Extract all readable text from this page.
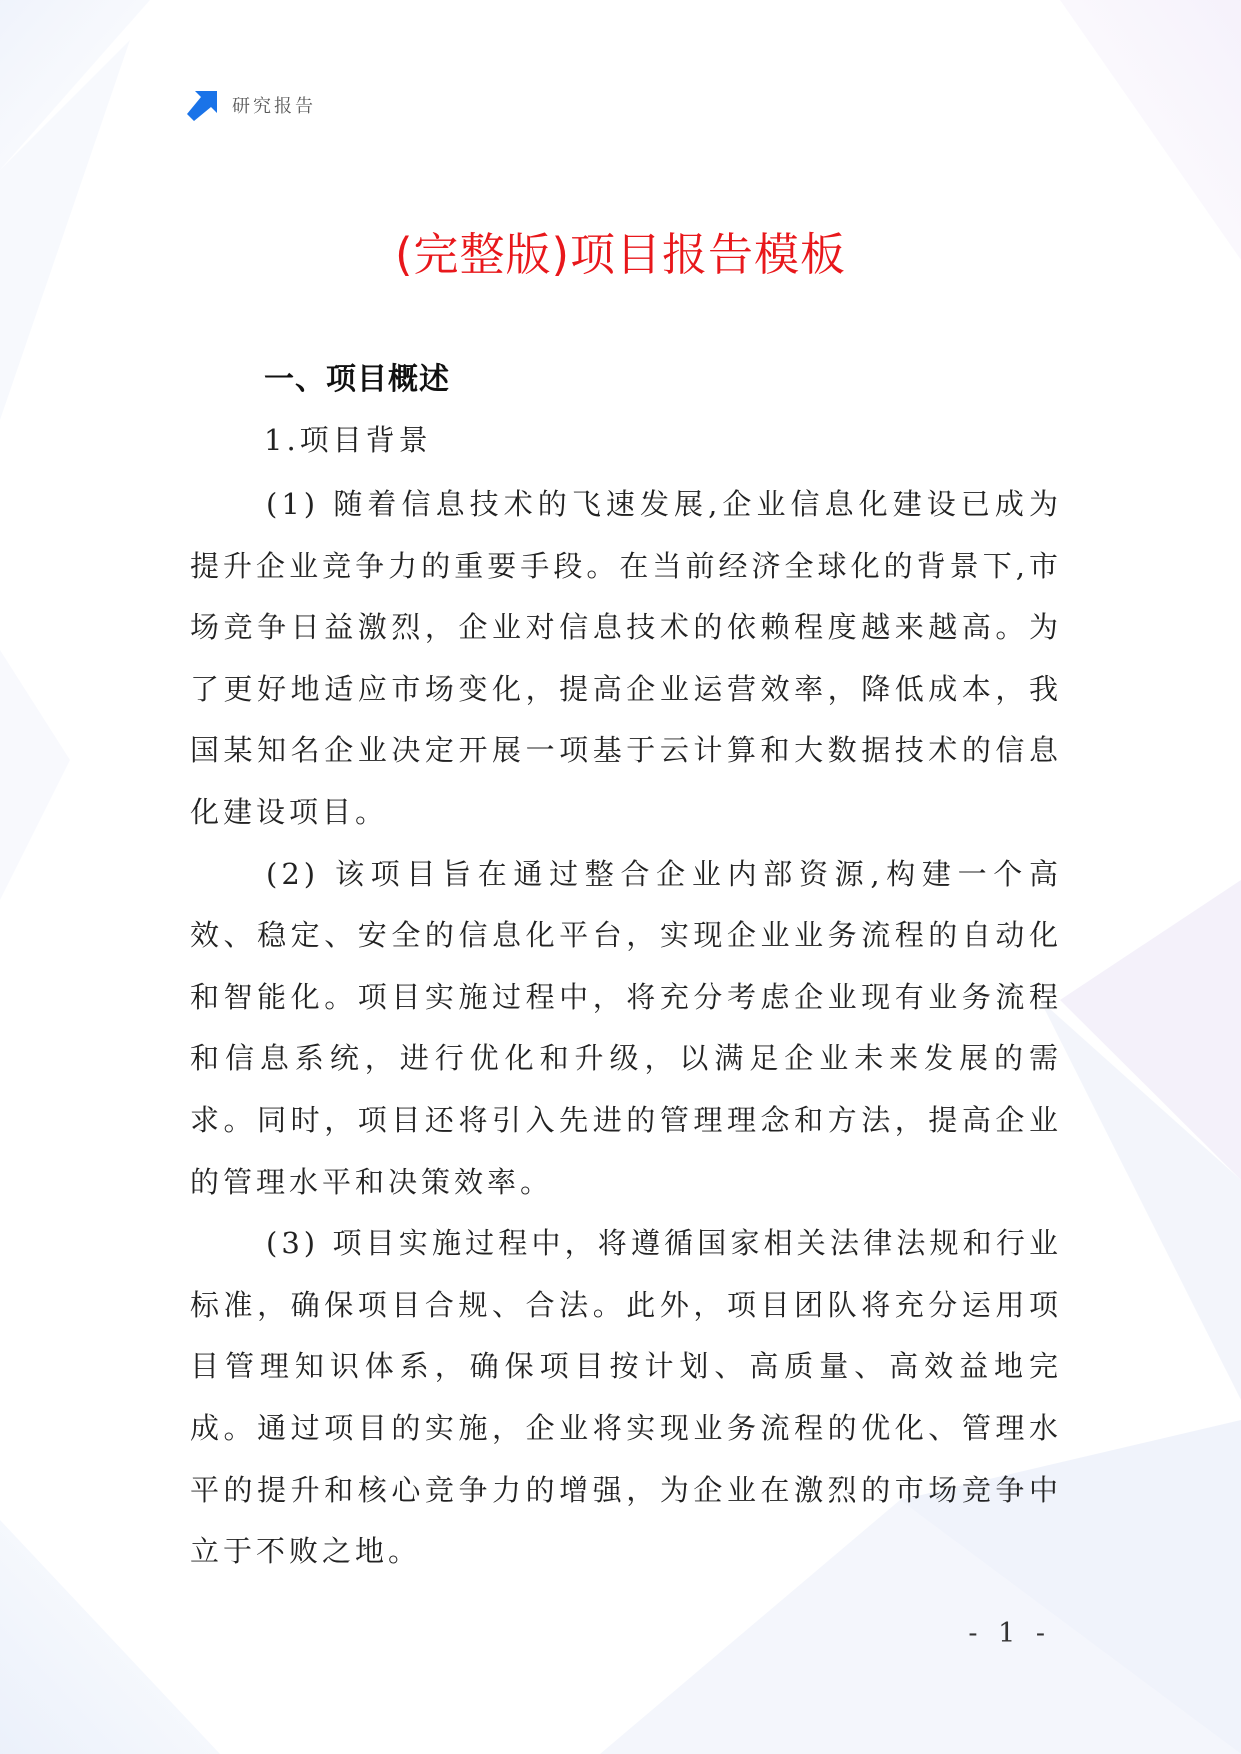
研究报告
(完整版)项目报告模板
一、项目概述
1.项目背景

(1) 随着信息技术的飞速发展,企业信息化建设已成为提升企业竞争力的重要手段。在当前经济全球化的背景下,市场竞争日益激烈，企业对信息技术的依赖程度越来越高。为了更好地适应市场变化，提高企业运营效率，降低成本，我国某知名企业决定开展一项基于云计算和大数据技术的信息化建设项目。

(2) 该项目旨在通过整合企业内部资源,构建一个高效、稳定、安全的信息化平台，实现企业业务流程的自动化和智能化。项目实施过程中，将充分考虑企业现有业务流程和信息系统，进行优化和升级，以满足企业未来发展的需求。同时，项目还将引入先进的管理理念和方法，提高企业的管理水平和决策效率。

(3) 项目实施过程中，将遵循国家相关法律法规和行业标准，确保项目合规、合法。此外，项目团队将充分运用项目管理知识体系，确保项目按计划、高质量、高效益地完成。通过项目的实施，企业将实现业务流程的优化、管理水平的提升和核心竞争力的增强，为企业在激烈的市场竞争中立于不败之地。

- 1 -
